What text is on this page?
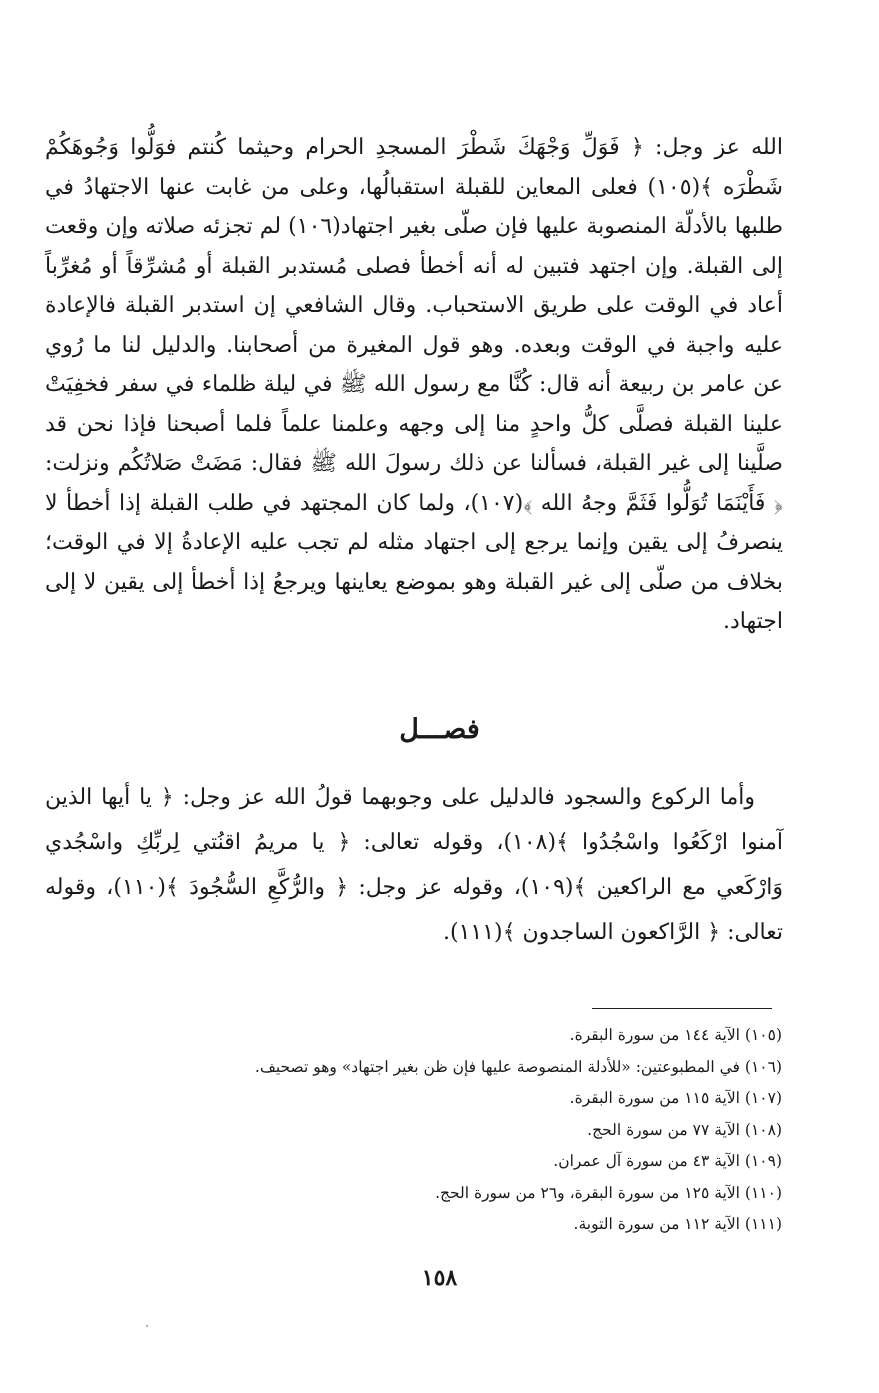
الله عز وجل: ﴿ فَوَلِّ وَجْهَكَ شَطْرَ المسجدِ الحرام وحيثما كُنتم فوَلُّوا وَجُوهَكُمْ شَطْرَه ﴾(١٠٥) فعلى المعاين للقبلة استقبالُها، وعلى من غابت عنها الاجتهادُ في طلبها بالأدلّة المنصوبة عليها فإن صلّى بغير اجتهاد(١٠٦) لم تجزئه صلاته وإن وقعت إلى القبلة. وإن اجتهد فتبين له أنه أخطأ فصلى مُستدبر القبلة أو مُشرِّقاً أو مُغرِّباً أعاد في الوقت على طريق الاستحباب. وقال الشافعي إن استدبر القبلة فالإعادة عليه واجبة في الوقت وبعده. وهو قول المغيرة من أصحابنا. والدليل لنا ما رُوي عن عامر بن ربيعة أنه قال: كُنَّا مع رسول الله ﷺ في ليلة ظلماء في سفر فخفِيَتْ علينا القبلة فصلَّى كلُّ واحدٍ منا إلى وجهه وعلمنا علماً فلما أصبحنا فإذا نحن قد صلَّينا إلى غير القبلة، فسألنا عن ذلك رسولَ الله ﷺ فقال: مَضَتْ صَلاتُكُم ونزلت: ﴿ فَأَيْنَمَا تُوَلُّوا فَثَمَّ وجهُ الله ﴾(١٠٧)، ولما كان المجتهد في طلب القبلة إذا أخطأ لا ينصرفُ إلى يقين وإنما يرجع إلى اجتهاد مثله لم تجب عليه الإعادةُ إلا في الوقت؛ بخلاف من صلّى إلى غير القبلة وهو بموضع يعاينها ويرجعُ إذا أخطأ إلى يقين لا إلى اجتهاد.

فصـــل

وأما الركوع والسجود فالدليل على وجوبهما قولُ الله عز وجل: ﴿ يا أيها الذين آمنوا ارْكَعُوا واسْجُدُوا ﴾(١٠٨)، وقوله تعالى: ﴿ يا مريمُ اقنُتي لِربِّكِ واسْجُدي وَارْكَعي مع الراكعين ﴾(١٠٩)، وقوله عز وجل: ﴿ والرُّكَّعِ السُّجُودَ ﴾(١١٠)، وقوله تعالى: ﴿ الرَّاكعون الساجدون ﴾(١١١).

(١٠٥) الآية ١٤٤ من سورة البقرة.
(١٠٦) في المطبوعتين: «للأدلة المنصوصة عليها فإن ظن بغير اجتهاد» وهو تصحيف.
(١٠٧) الآية ١١٥ من سورة البقرة.
(١٠٨) الآية ٧٧ من سورة الحج.
(١٠٩) الآية ٤٣ من سورة آل عمران.
(١١٠) الآية ١٢٥ من سورة البقرة، و٢٦ من سورة الحج.
(١١١) الآية ١١٢ من سورة التوبة.
١٥٨
